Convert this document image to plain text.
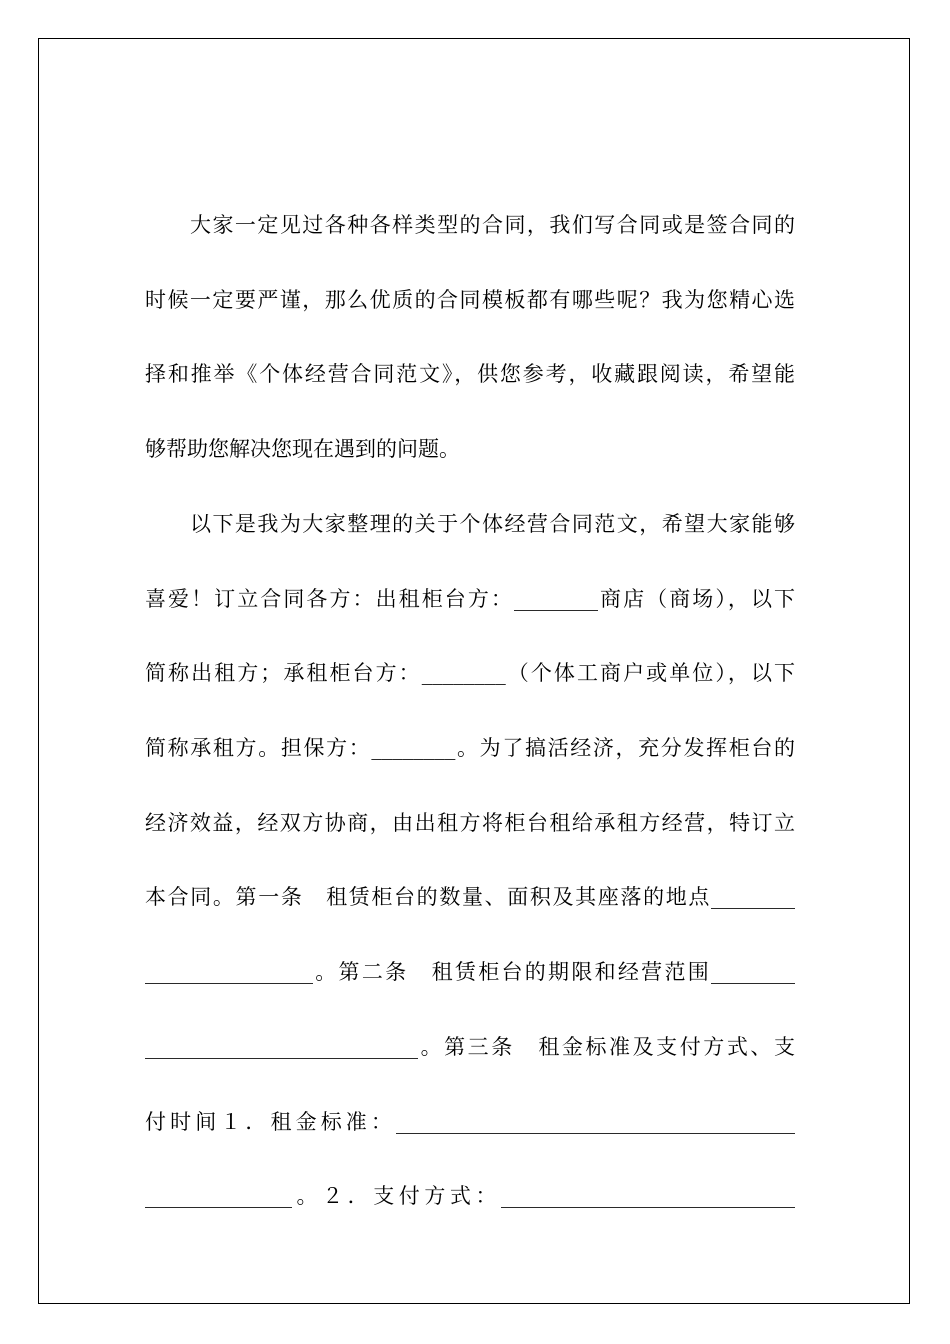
大家一定见过各种各样类型的合同，我们写合同或是签合同的
时候一定要严谨，那么优质的合同模板都有哪些呢？我为您精心选
择和推举《个体经营合同范文》，供您参考，收藏跟阅读，希望能
够帮助您解决您现在遇到的问题。
以下是我为大家整理的关于个体经营合同范文，希望大家能够
喜爱！订立合同各方：出租柜台方：________商店（商场），以下
简称出租方；承租柜台方：________（个体工商户或单位），以下
简称承租方。担保方：________。为了搞活经济，充分发挥柜台的
经济效益，经双方协商，由出租方将柜台租给承租方经营，特订立
本合同。第一条　租赁柜台的数量、面积及其座落的地点________
________________。第二条　租赁柜台的期限和经营范围________
__________________________。第三条　租金标准及支付方式、支
付时间１．租金标准：______________________________________
______________。２．支付方式：____________________________
